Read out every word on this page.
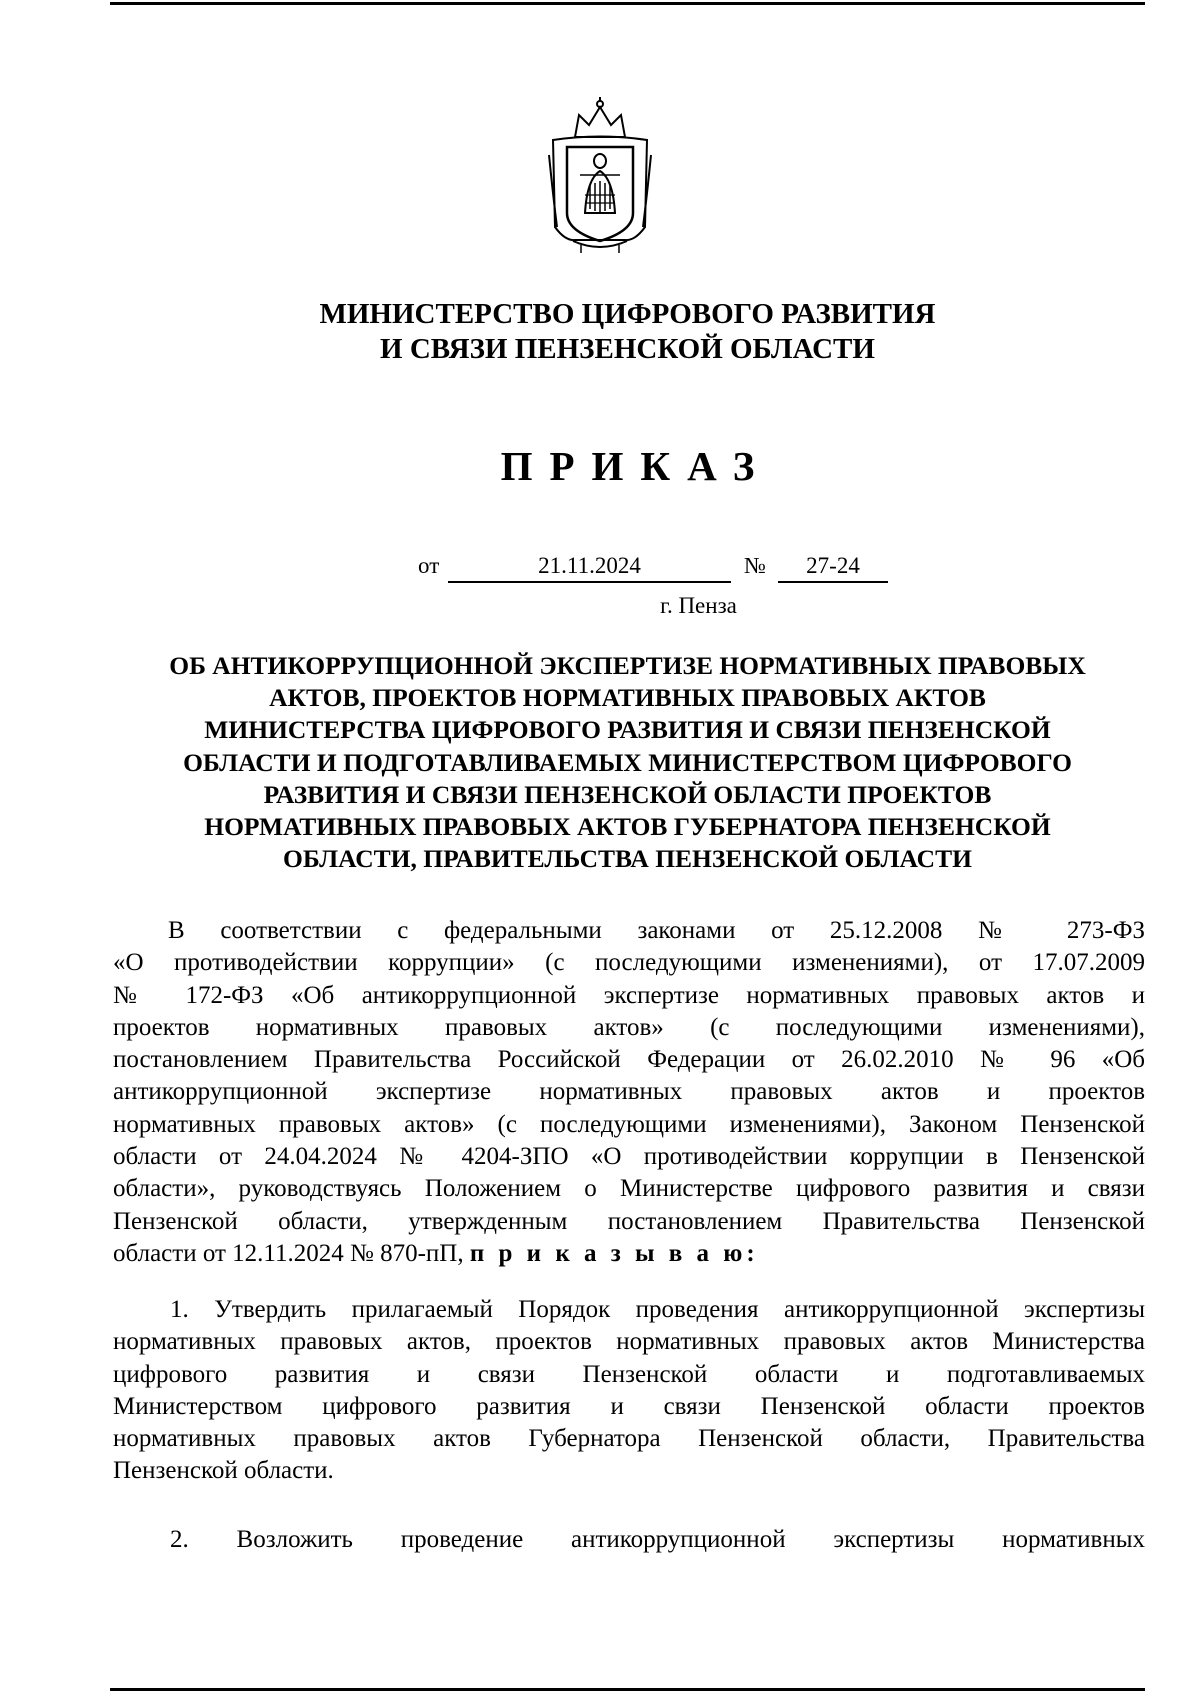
МИНИСТЕРСТВО ЦИФРОВОГО РАЗВИТИЯ
И СВЯЗИ ПЕНЗЕНСКОЙ ОБЛАСТИ
ПРИКАЗ
от	21.11.2024	№	27-24
г. Пенза
ОБ АНТИКОРРУПЦИОННОЙ ЭКСПЕРТИЗЕ НОРМАТИВНЫХ ПРАВОВЫХ
АКТОВ, ПРОЕКТОВ НОРМАТИВНЫХ ПРАВОВЫХ АКТОВ
МИНИСТЕРСТВА ЦИФРОВОГО РАЗВИТИЯ И СВЯЗИ ПЕНЗЕНСКОЙ
ОБЛАСТИ И ПОДГОТАВЛИВАЕМЫХ МИНИСТЕРСТВОМ ЦИФРОВОГО
РАЗВИТИЯ И СВЯЗИ ПЕНЗЕНСКОЙ ОБЛАСТИ ПРОЕКТОВ
НОРМАТИВНЫХ ПРАВОВЫХ АКТОВ ГУБЕРНАТОРА ПЕНЗЕНСКОЙ
ОБЛАСТИ, ПРАВИТЕЛЬСТВА ПЕНЗЕНСКОЙ ОБЛАСТИ
В соответствии с федеральными законами от 25.12.2008 № 273-ФЗ
«О противодействии коррупции» (с последующими изменениями), от 17.07.2009
№ 172-ФЗ «Об антикоррупционной экспертизе нормативных правовых актов и
проектов нормативных правовых актов» (с последующими изменениями),
постановлением Правительства Российской Федерации от 26.02.2010 № 96 «Об
антикоррупционной экспертизе нормативных правовых актов и проектов
нормативных правовых актов» (с последующими изменениями), Законом Пензенской
области от 24.04.2024 № 4204-ЗПО «О противодействии коррупции в Пензенской
области», руководствуясь Положением о Министерстве цифрового развития и связи
Пензенской области, утвержденным постановлением Правительства Пензенской
области от 12.11.2024 № 870-пП, п р и к а з ы в а ю:
1. Утвердить прилагаемый Порядок проведения антикоррупционной экспертизы
нормативных правовых актов, проектов нормативных правовых актов Министерства
цифрового развития и связи Пензенской области и подготавливаемых
Министерством цифрового развития и связи Пензенской области проектов
нормативных правовых актов Губернатора Пензенской области, Правительства
Пензенской области.
2. Возложить проведение антикоррупционной экспертизы нормативных
